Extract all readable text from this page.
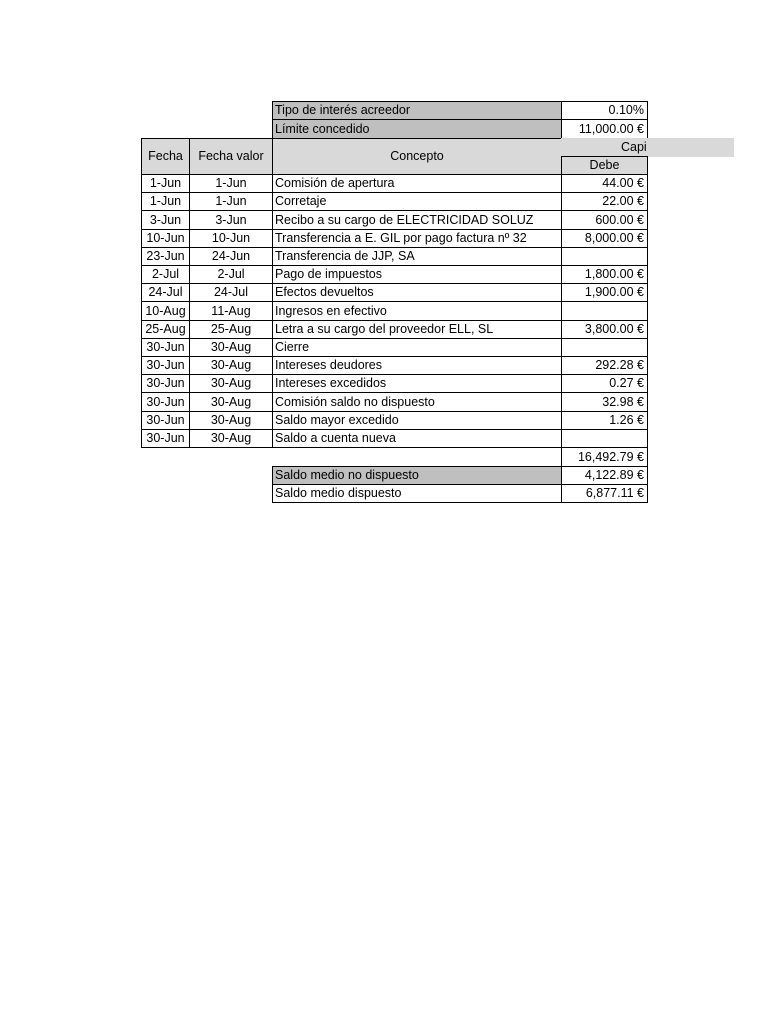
Tipo de interés acreedor	0.10%
Límite concedido	11,000.00 €
Fecha	Fecha valor	Concepto
Capi
Debe
1-Jun	1-Jun	Comisión de apertura	44.00 €
1-Jun	1-Jun	Corretaje	22.00 €
3-Jun	3-Jun	Recibo a su cargo de ELECTRICIDAD SOLUZ	600.00 €
10-Jun	10-Jun	Transferencia a E. GIL por pago factura nº 32	8,000.00 €
23-Jun	24-Jun	Transferencia de JJP, SA
2-Jul	2-Jul	Pago de impuestos	1,800.00 €
24-Jul	24-Jul	Efectos devueltos	1,900.00 €
10-Aug	11-Aug	Ingresos en efectivo
25-Aug	25-Aug	Letra a su cargo del proveedor ELL, SL	3,800.00 €
30-Jun	30-Aug	Cierre
30-Jun	30-Aug	Intereses deudores	292.28 €
30-Jun	30-Aug	Intereses excedidos	0.27 €
30-Jun	30-Aug	Comisión saldo no dispuesto	32.98 €
30-Jun	30-Aug	Saldo mayor excedido	1.26 €
30-Jun	30-Aug	Saldo a cuenta nueva
16,492.79 €
Saldo medio no dispuesto	4,122.89 €
Saldo medio dispuesto	6,877.11 €
